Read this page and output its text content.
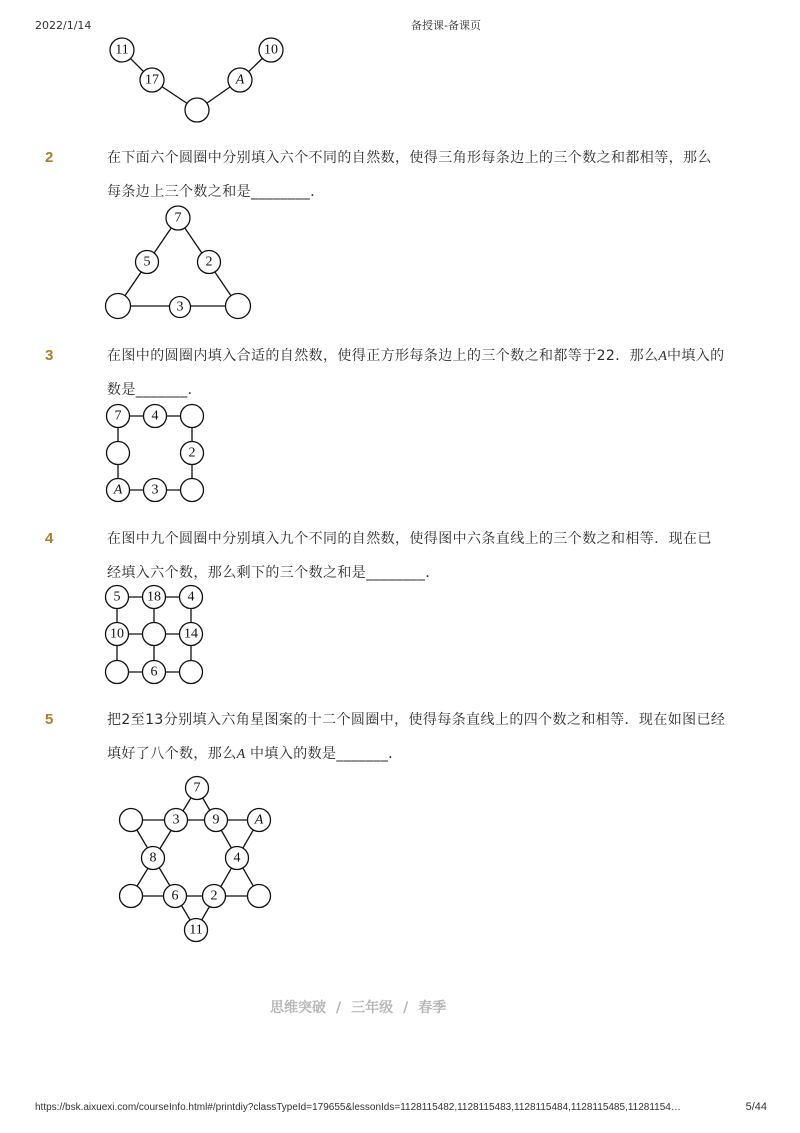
2022/1/14	备授课-备课页
2	在下面六个圆圈中分别填入六个不同的自然数，使得三角形每条边上的三个数之和都相等，那么
每条边上三个数之和是________．
3	在图中的圆圈内填入合适的自然数，使得正方形每条边上的三个数之和都等于22．那么A中填入的
数是_______．
4	在图中九个圆圈中分别填入九个不同的自然数，使得图中六条直线上的三个数之和相等．现在已
经填入六个数，那么剩下的三个数之和是________．
5	把2至13分别填入六角星图案的十二个圆圈中，使得每条直线上的四个数之和相等．现在如图已经
填好了八个数，那么A 中填入的数是_______．
11
17	A
10
7
5	2
3
7 4
2
A 3
5 18 4
10	14
6
7
3 9	A
8	4
6 2
11
思维突破 / 三年级 / 春季
https://bsk.aixuexi.com/courseInfo.html#/printdiy?classTypeId=179655&lessonIds=1128115482,1128115483,1128115484,1128115485,11281154…	5/44
